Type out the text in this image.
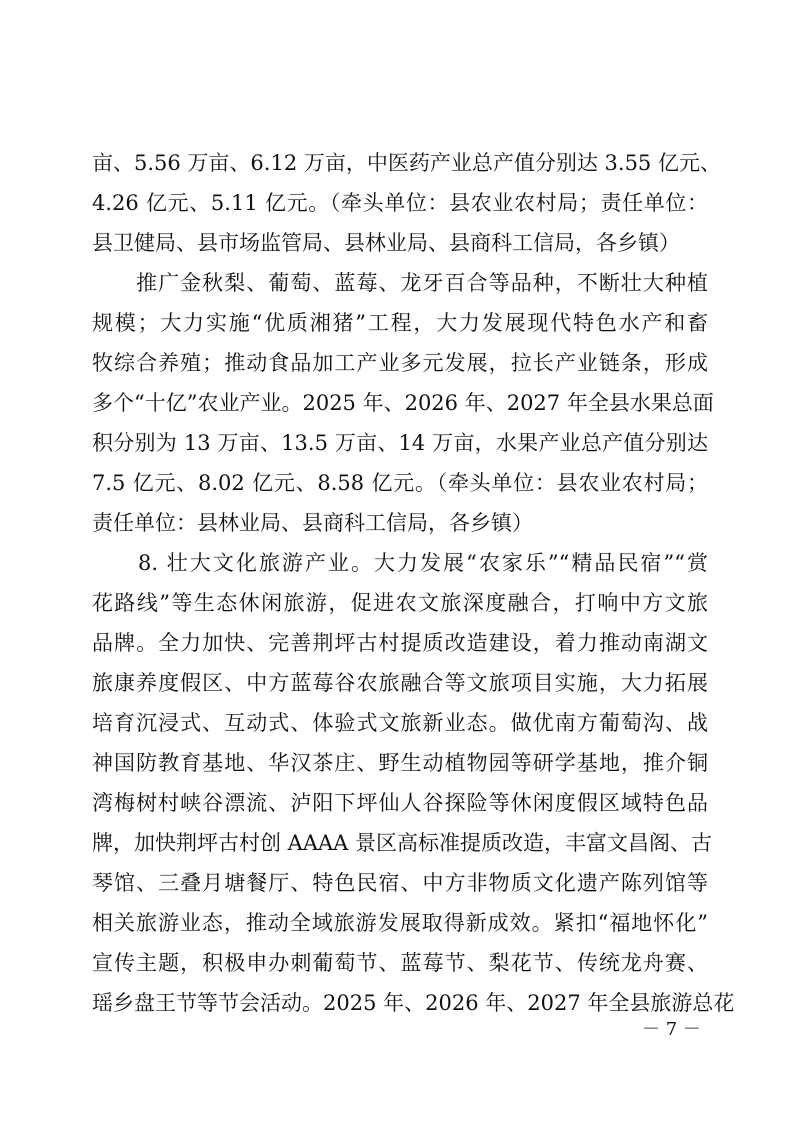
亩、5.56 万亩、6.12 万亩，中医药产业总产值分别达 3.55 亿元、
4.26 亿元、5.11 亿元。（牵头单位：县农业农村局；责任单位：
县卫健局、县市场监管局、县林业局、县商科工信局，各乡镇）
　　推广金秋梨、葡萄、蓝莓、龙牙百合等品种，不断壮大种植
规模；大力实施“优质湘猪”工程，大力发展现代特色水产和畜
牧综合养殖；推动食品加工产业多元发展，拉长产业链条，形成
多个“十亿”农业产业。2025 年、2026 年、2027 年全县水果总面
积分别为 13 万亩、13.5 万亩、14 万亩，水果产业总产值分别达
7.5 亿元、8.02 亿元、8.58 亿元。（牵头单位：县农业农村局；
责任单位：县林业局、县商科工信局，各乡镇）
　　8. 壮大文化旅游产业。大力发展“农家乐”“精品民宿”“赏
花路线”等生态休闲旅游，促进农文旅深度融合，打响中方文旅
品牌。全力加快、完善荆坪古村提质改造建设，着力推动南湖文
旅康养度假区、中方蓝莓谷农旅融合等文旅项目实施，大力拓展
培育沉浸式、互动式、体验式文旅新业态。做优南方葡萄沟、战
神国防教育基地、华汉茶庄、野生动植物园等研学基地，推介铜
湾梅树村峡谷漂流、泸阳下坪仙人谷探险等休闲度假区域特色品
牌，加快荆坪古村创 AAAA 景区高标准提质改造，丰富文昌阁、古
琴馆、三叠月塘餐厅、特色民宿、中方非物质文化遗产陈列馆等
相关旅游业态，推动全域旅游发展取得新成效。紧扣“福地怀化”
宣传主题，积极申办刺葡萄节、蓝莓节、梨花节、传统龙舟赛、
瑶乡盘王节等节会活动。2025 年、2026 年、2027 年全县旅游总花
－ 7 －
